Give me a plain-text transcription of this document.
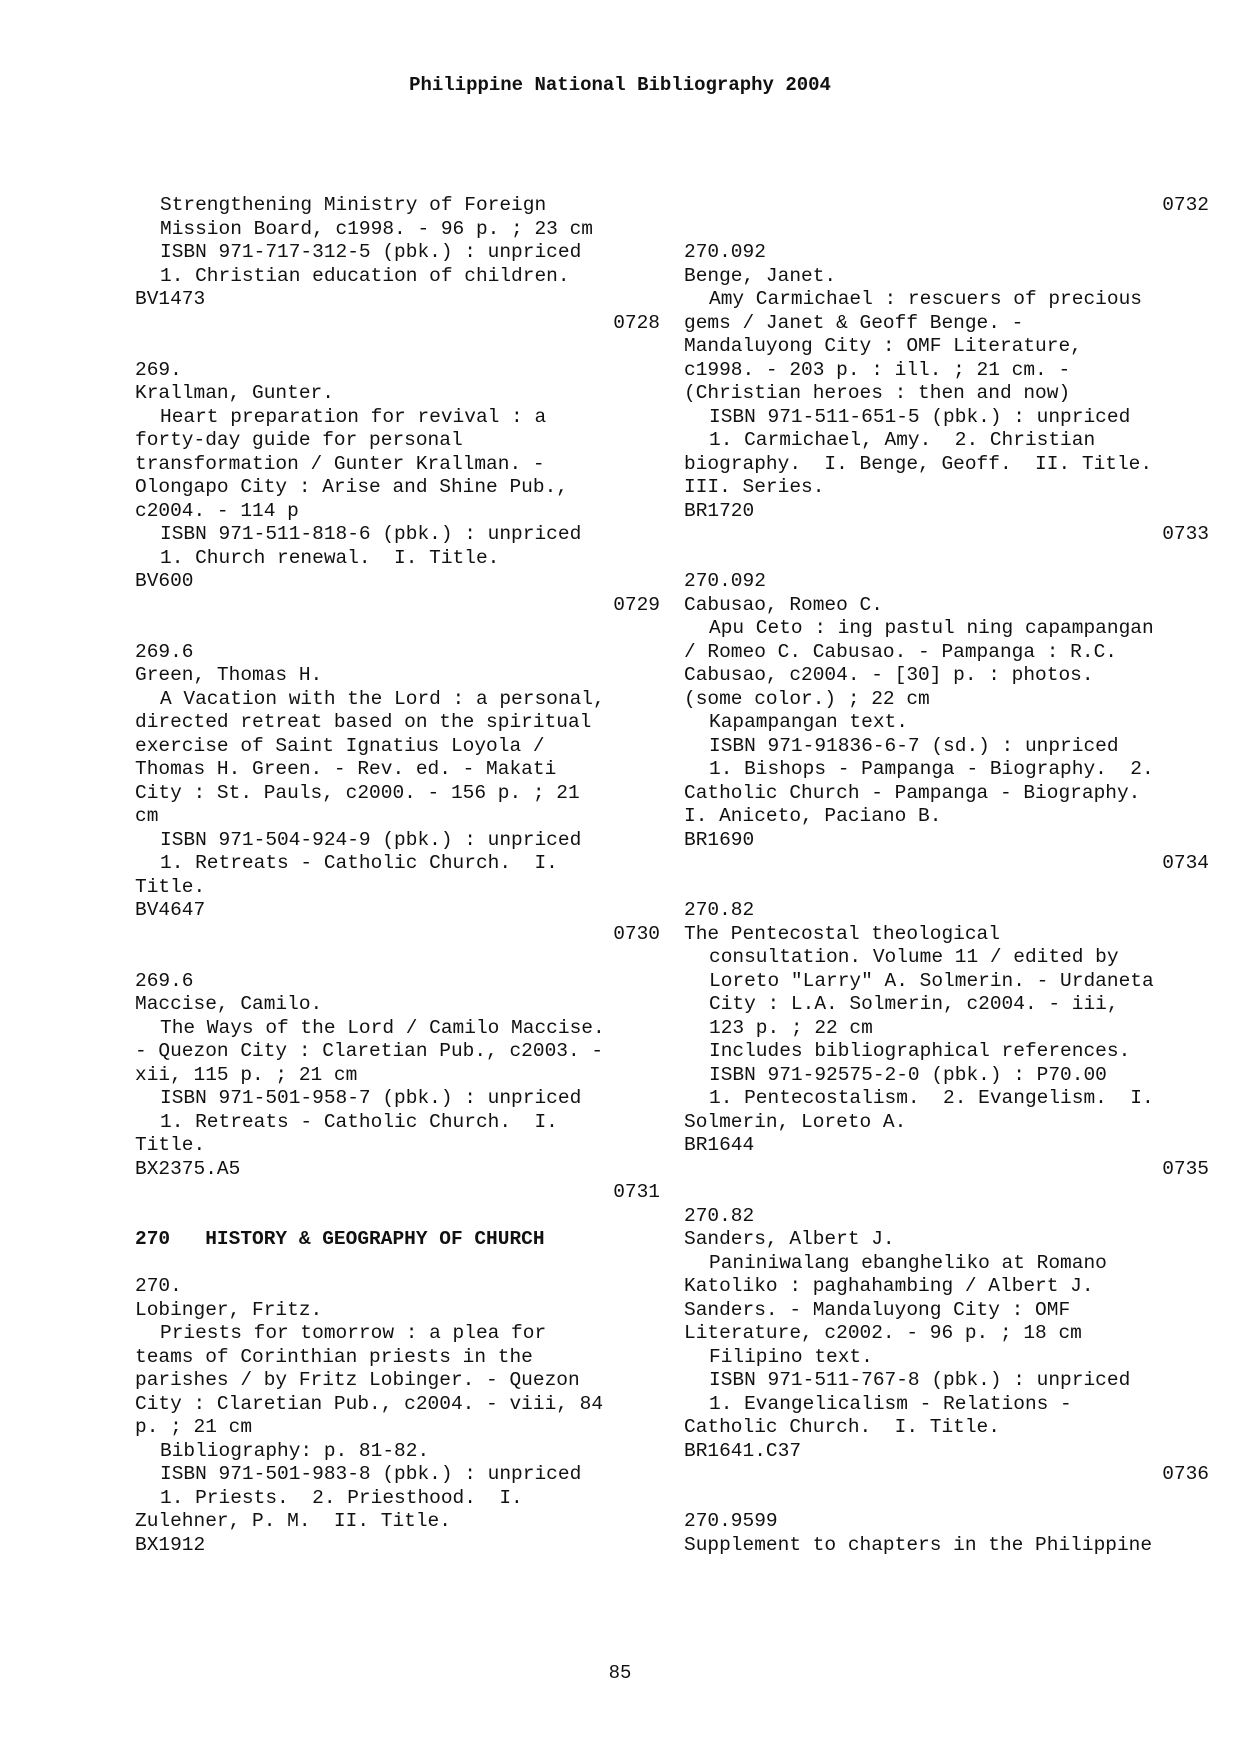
Philippine National Bibliography 2004
Strengthening Ministry of Foreign
Mission Board, c1998. - 96 p. ; 23 cm
ISBN 971-717-312-5 (pbk.) : unpriced
1. Christian education of children.
BV1473
0728
269.
Krallman, Gunter.
Heart preparation for revival : a
forty-day guide for personal
transformation / Gunter Krallman. -
Olongapo City : Arise and Shine Pub.,
c2004. - 114 p
ISBN 971-511-818-6 (pbk.) : unpriced
1. Church renewal.  I. Title.
BV600
0729
269.6
Green, Thomas H.
A Vacation with the Lord : a personal,
directed retreat based on the spiritual
exercise of Saint Ignatius Loyola /
Thomas H. Green. - Rev. ed. - Makati
City : St. Pauls, c2000. - 156 p. ; 21
cm
ISBN 971-504-924-9 (pbk.) : unpriced
1. Retreats - Catholic Church.  I.
Title.
BV4647
0730
269.6
Maccise, Camilo.
The Ways of the Lord / Camilo Maccise.
- Quezon City : Claretian Pub., c2003. -
xii, 115 p. ; 21 cm
ISBN 971-501-958-7 (pbk.) : unpriced
1. Retreats - Catholic Church.  I.
Title.
BX2375.A5
0731
270   HISTORY & GEOGRAPHY OF CHURCH
270.
Lobinger, Fritz.
Priests for tomorrow : a plea for
teams of Corinthian priests in the
parishes / by Fritz Lobinger. - Quezon
City : Claretian Pub., c2004. - viii, 84
p. ; 21 cm
Bibliography: p. 81-82.
ISBN 971-501-983-8 (pbk.) : unpriced
1. Priests.  2. Priesthood.  I.
Zulehner, P. M.  II. Title.
BX1912
0732
270.092
Benge, Janet.
Amy Carmichael : rescuers of precious
gems / Janet & Geoff Benge. -
Mandaluyong City : OMF Literature,
c1998. - 203 p. : ill. ; 21 cm. -
(Christian heroes : then and now)
ISBN 971-511-651-5 (pbk.) : unpriced
1. Carmichael, Amy.  2. Christian
biography.  I. Benge, Geoff.  II. Title.
III. Series.
BR1720
0733
270.092
Cabusao, Romeo C.
Apu Ceto : ing pastul ning capampangan
/ Romeo C. Cabusao. - Pampanga : R.C.
Cabusao, c2004. - [30] p. : photos.
(some color.) ; 22 cm
Kapampangan text.
ISBN 971-91836-6-7 (sd.) : unpriced
1. Bishops - Pampanga - Biography.  2.
Catholic Church - Pampanga - Biography.
I. Aniceto, Paciano B.
BR1690
0734
270.82
The Pentecostal theological
consultation. Volume 11 / edited by
Loreto "Larry" A. Solmerin. - Urdaneta
City : L.A. Solmerin, c2004. - iii,
123 p. ; 22 cm
Includes bibliographical references.
ISBN 971-92575-2-0 (pbk.) : P70.00
1. Pentecostalism.  2. Evangelism.  I.
Solmerin, Loreto A.
BR1644
0735
270.82
Sanders, Albert J.
Paniniwalang ebangheliko at Romano
Katoliko : paghahambing / Albert J.
Sanders. - Mandaluyong City : OMF
Literature, c2002. - 96 p. ; 18 cm
Filipino text.
ISBN 971-511-767-8 (pbk.) : unpriced
1. Evangelicalism - Relations -
Catholic Church.  I. Title.
BR1641.C37
0736
270.9599
Supplement to chapters in the Philippine
85
